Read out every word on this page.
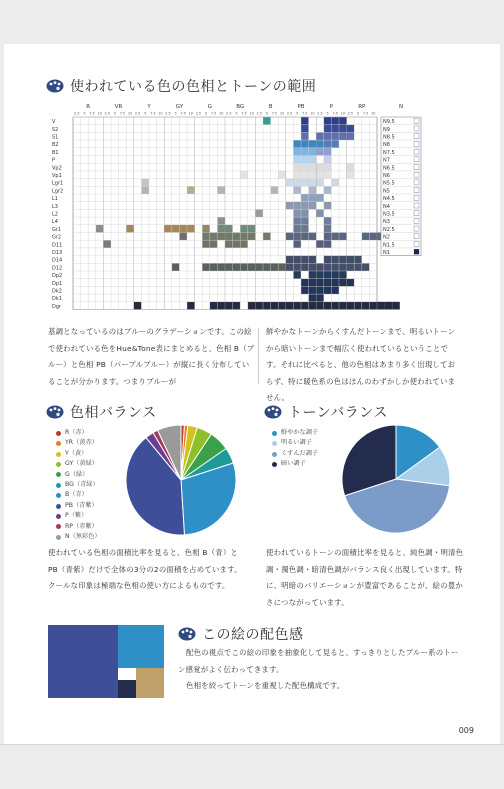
使われている色の色相とトーンの範囲
R	VR	Y	GY	G	BG	B	PB	P	RP
2.5 5 7.5 10 2.5 5 7.5 10 2.5 5 7.5 10 2.5 5 7.5 10 2.5 5 7.5 10 2.5 5 7.5 10 2.5 5 7.5 10 2.5 5 7.5 10 2.5 5 7.5 10 2.5 5 7.5 10
V
S2
S1
B2
B1
P
Vp2
Vp1
Lgr1
Lgr2
L1
L3
L2
L4
Gr1
Gr2
D11
D13
D14
D12
Dp2
Dp1
Dk2
Dk1
Dgr
N
N9.5
N9
N8.5
N8
N7.5
N7
N6.5
N6
N5.5
N5
N4.5
N4
N3.5
N3
N2.5
N2
N1.5
N1
基調となっているのはブルーのグラデーションです。この絵で使われている色をHue&Tone表にまとめると、色相 B（ブルー）と色相 PB（パープルブルー）が縦に長く分布していることが分かります。つまりブルーが
鮮やかなトーンからくすんだトーンまで、明るいトーンから暗いトーンまで幅広く使われているということです。それに比べると、他の色相はあまり多く出現しておらず、特に暖色系の色はほんのわずかしか使われていません。
色相バランス	トーンバランス
R（赤）
YR（黄赤）
Y（黄）
GY（黄緑）
G（緑）
BG（青緑）
B（青）
PB（青紫）
P（紫）
RP（赤紫）
N（無彩色）
鮮やかな調子
明るい調子
くすんだ調子
暗い調子
使われている色相の面積比率を見ると、色相 B（青）と PB（青紫）だけで全体の3分の2の面積を占めています。クールな印象は極端な色相の使い方によるものです。
使われているトーンの面積比率を見ると、純色調・明清色調・濁色調・暗清色調がバランス良く出現しています。特に、明暗のバリエーションが豊富であることが、絵の豊かさにつながっています。
この絵の配色感
配色の視点でこの絵の印象を抽象化して見ると、すっきりとしたブルー系のトーン感覚がよく伝わってきます。
色相を絞ってトーンを重視した配色構成です。
009
